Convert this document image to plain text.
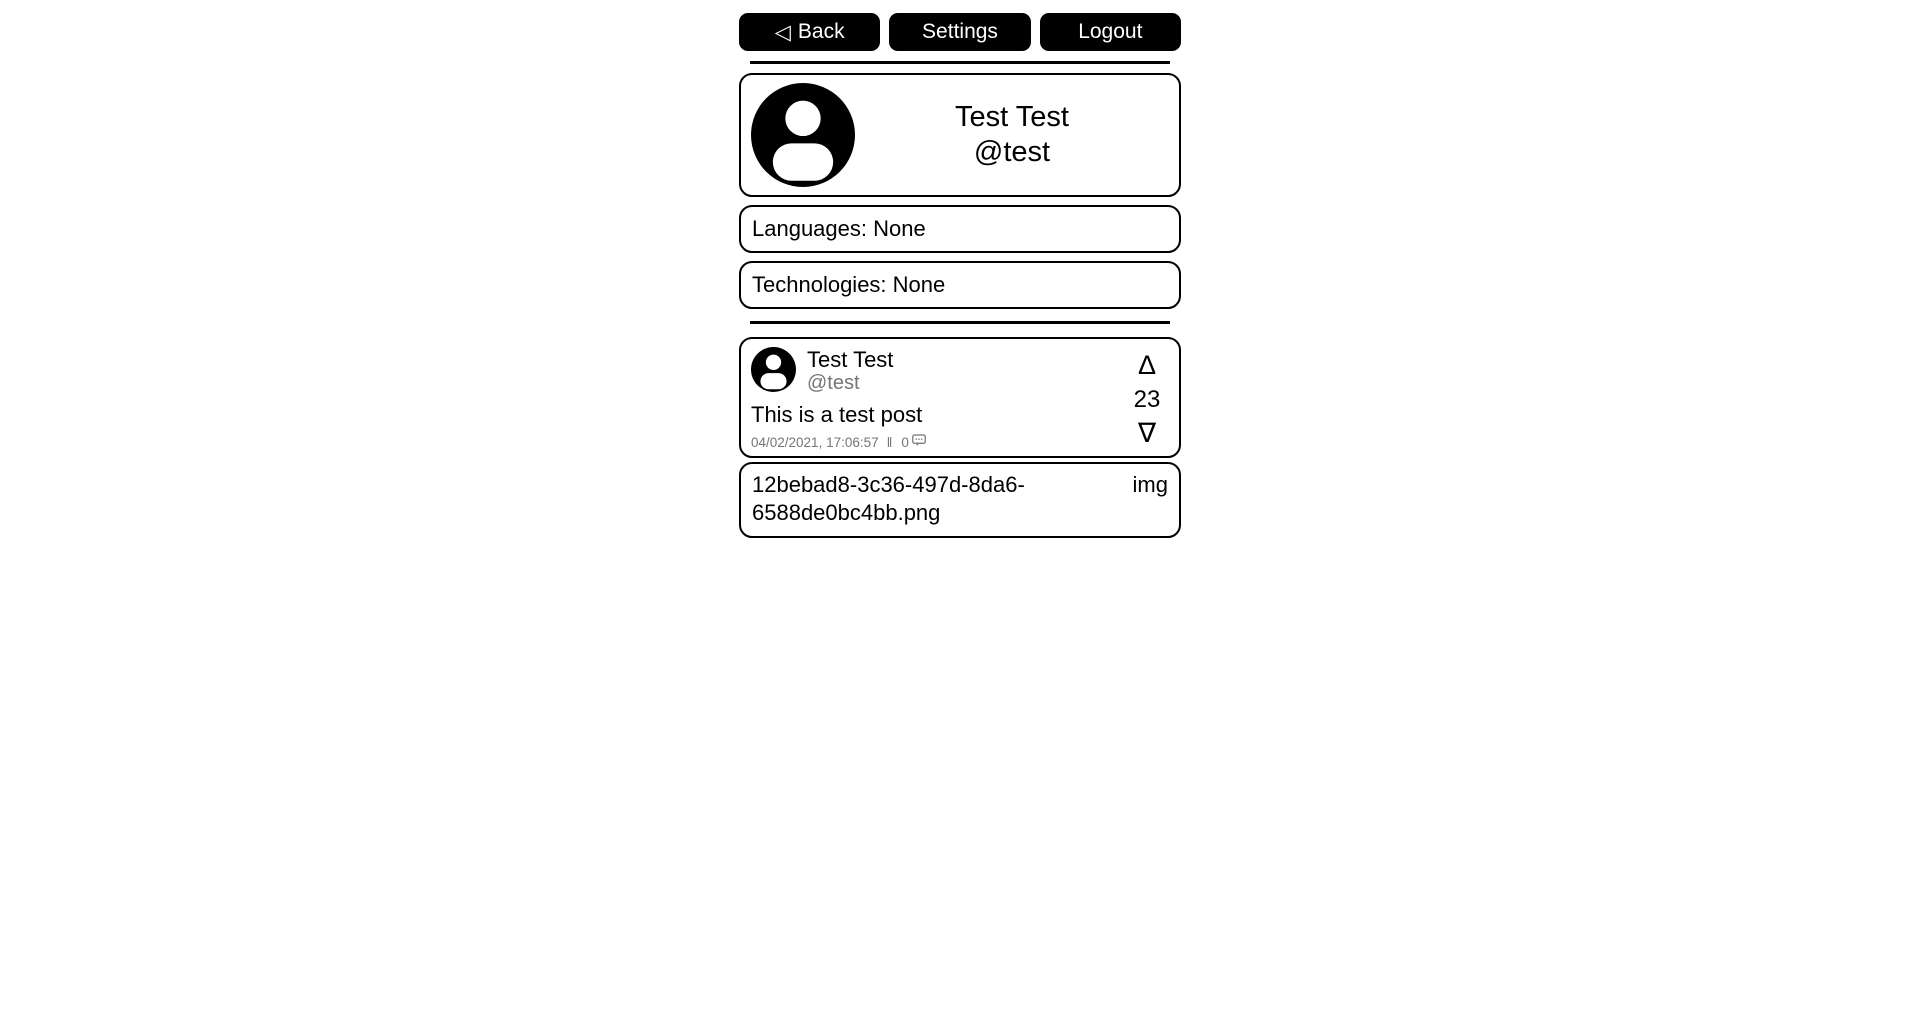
◁ Back	Settings	Logout
Test Test
@test
Languages: None
Technologies: None
Test Test
@test
This is a test post
04/02/2021, 17:06:57 ‖ 0
Δ
23
∇
12bebad8-3c36-497d-8da6-6588de0bc4bb.png
img
